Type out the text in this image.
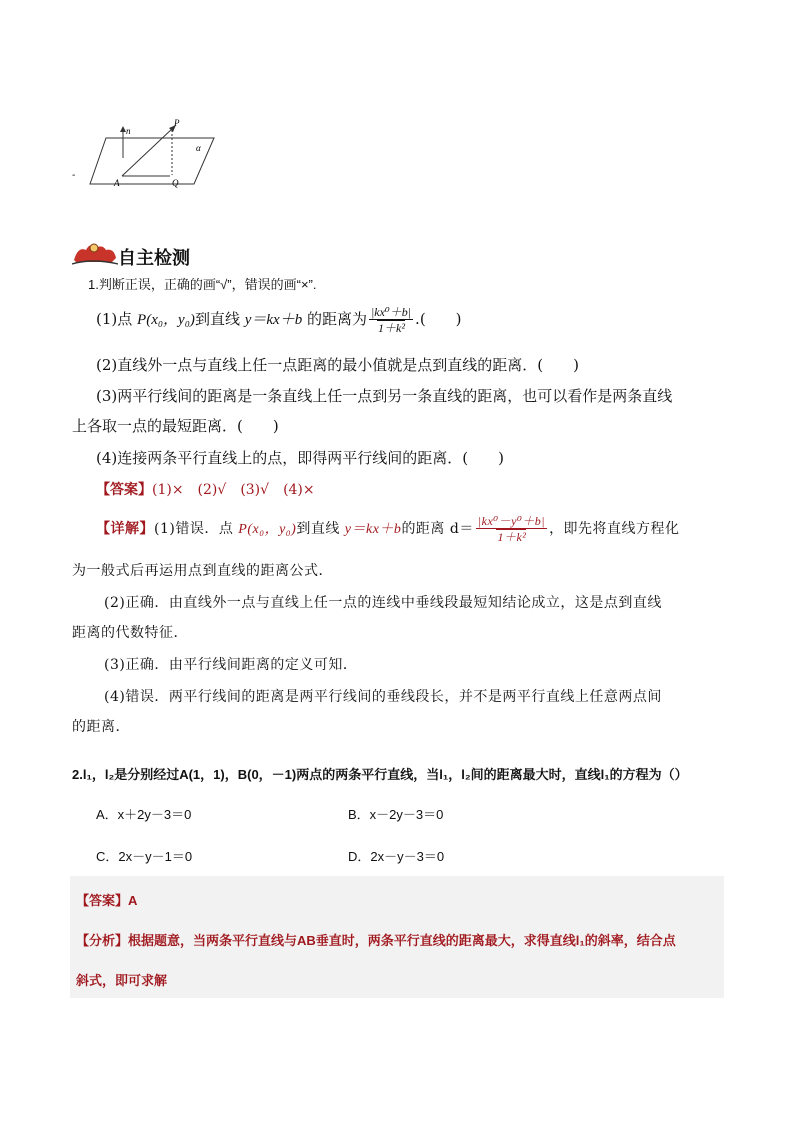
n
P
α
A	Q
-
自主检测
1.判断正误，正确的画“√”，错误的画“×”.
(1)点 P(x₀，y₀)到直线 y＝kx＋b 的距离为 $\frac{\text{|kx⁰＋b|}}{\text{1＋k²}}$ .(　　)
(2)直线外一点与直线上任一点距离的最小值就是点到直线的距离．(　　)
(3)两平行线间的距离是一条直线上任一点到另一条直线的距离，也可以看作是两条直线
上各取一点的最短距离．(　　)
(4)连接两条平行直线上的点，即得两平行线间的距离．(　　)
【答案】(1)×　(2)√　(3)√　(4)×
【详解】(1)错误．点 P(x₀，y₀)到直线 y＝kx＋b的距离 $d= \frac{\text{|kx⁰－y⁰＋b|}}{\text{1＋k²}}$ ，即先将直线方程化
为一般式后再运用点到直线的距离公式．
(2)正确．由直线外一点与直线上任一点的连线中垂线段最短知结论成立，这是点到直线
距离的代数特征．
(3)正确．由平行线间距离的定义可知．
(4)错误．两平行线间的距离是两平行线间的垂线段长，并不是两平行直线上任意两点间
的距离．
2.l₁，l₂是分别经过A(1，1)，B(0，－1)两点的两条平行直线，当l₁，l₂间的距离最大时，直线l₁的方程为（）
A．x＋2y－3＝0	B．x－2y－3＝0
C．2x－y－1＝0	D．2x－y－3＝0
【答案】A
【分析】根据题意，当两条平行直线与AB垂直时，两条平行直线的距离最大，求得直线l₁的斜率，结合点
斜式，即可求解
